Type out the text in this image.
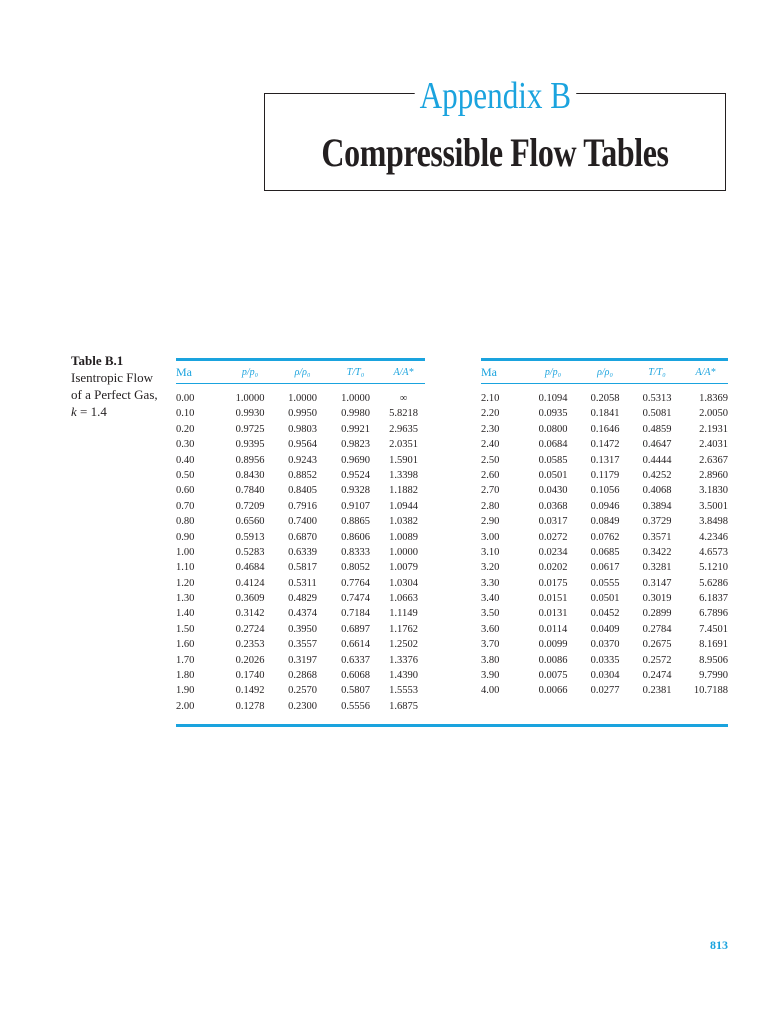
Appendix B
Compressible Flow Tables
Table B.1
Isentropic Flow
of a Perfect Gas,
k = 1.4
Ma	p/p₀	ρ/ρ₀	T/T₀	A/A*
0.00	1.0000	1.0000	1.0000	∞
0.10	0.9930	0.9950	0.9980	5.8218
0.20	0.9725	0.9803	0.9921	2.9635
0.30	0.9395	0.9564	0.9823	2.0351
0.40	0.8956	0.9243	0.9690	1.5901
0.50	0.8430	0.8852	0.9524	1.3398
0.60	0.7840	0.8405	0.9328	1.1882
0.70	0.7209	0.7916	0.9107	1.0944
0.80	0.6560	0.7400	0.8865	1.0382
0.90	0.5913	0.6870	0.8606	1.0089
1.00	0.5283	0.6339	0.8333	1.0000
1.10	0.4684	0.5817	0.8052	1.0079
1.20	0.4124	0.5311	0.7764	1.0304
1.30	0.3609	0.4829	0.7474	1.0663
1.40	0.3142	0.4374	0.7184	1.1149
1.50	0.2724	0.3950	0.6897	1.1762
1.60	0.2353	0.3557	0.6614	1.2502
1.70	0.2026	0.3197	0.6337	1.3376
1.80	0.1740	0.2868	0.6068	1.4390
1.90	0.1492	0.2570	0.5807	1.5553
2.00	0.1278	0.2300	0.5556	1.6875
Ma	p/p₀	ρ/ρ₀	T/T₀	A/A*
2.10	0.1094	0.2058	0.5313	1.8369
2.20	0.0935	0.1841	0.5081	2.0050
2.30	0.0800	0.1646	0.4859	2.1931
2.40	0.0684	0.1472	0.4647	2.4031
2.50	0.0585	0.1317	0.4444	2.6367
2.60	0.0501	0.1179	0.4252	2.8960
2.70	0.0430	0.1056	0.4068	3.1830
2.80	0.0368	0.0946	0.3894	3.5001
2.90	0.0317	0.0849	0.3729	3.8498
3.00	0.0272	0.0762	0.3571	4.2346
3.10	0.0234	0.0685	0.3422	4.6573
3.20	0.0202	0.0617	0.3281	5.1210
3.30	0.0175	0.0555	0.3147	5.6286
3.40	0.0151	0.0501	0.3019	6.1837
3.50	0.0131	0.0452	0.2899	6.7896
3.60	0.0114	0.0409	0.2784	7.4501
3.70	0.0099	0.0370	0.2675	8.1691
3.80	0.0086	0.0335	0.2572	8.9506
3.90	0.0075	0.0304	0.2474	9.7990
4.00	0.0066	0.0277	0.2381	10.7188
813
